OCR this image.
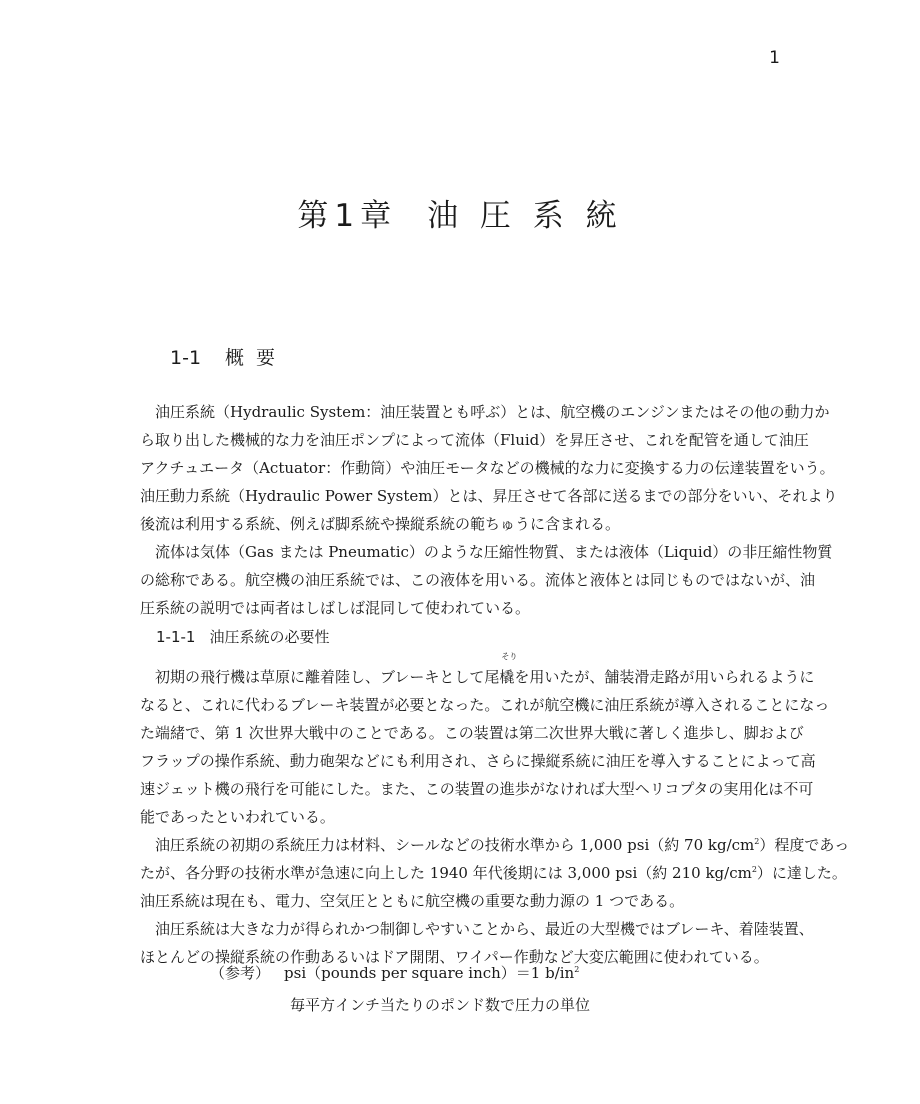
1
第1章 油 圧 系 統
1-1 概要
油圧系統（Hydraulic System：油圧装置とも呼ぶ）とは、航空機のエンジンまたはその他の動力か
ら取り出した機械的な力を油圧ポンプによって流体（Fluid）を昇圧させ、これを配管を通して油圧
アクチュエータ（Actuator：作動筒）や油圧モータなどの機械的な力に変換する力の伝達装置をいう。
油圧動力系統（Hydraulic Power System）とは、昇圧させて各部に送るまでの部分をいい、それより
後流は利用する系統、例えば脚系統や操縦系統の範ちゅうに含まれる。
流体は気体（Gas または Pneumatic）のような圧縮性物質、または液体（Liquid）の非圧縮性物質
の総称である。航空機の油圧系統では、この液体を用いる。流体と液体とは同じものではないが、油
圧系統の説明では両者はしばしば混同して使われている。
1-1-1 油圧系統の必要性
初期の飛行機は草原に離着陸し、ブレーキとして尾
そり
橇を用いたが、舗装滑走路が用いられるように
なると、これに代わるブレーキ装置が必要となった。これが航空機に油圧系統が導入されることになっ
た端緒で、第 1 次世界大戦中のことである。この装置は第二次世界大戦に著しく進歩し、脚および
フラップの操作系統、動力砲架などにも利用され、さらに操縦系統に油圧を導入することによって高
速ジェット機の飛行を可能にした。また、この装置の進歩がなければ大型ヘリコプタの実用化は不可
能であったといわれている。
油圧系統の初期の系統圧力は材料、シールなどの技術水準から 1,000 psi（約 70 $kg/cm^2$）程度であっ
たが、各分野の技術水準が急速に向上した 1940 年代後期には 3,000 psi（約 210 $kg/cm^2$）に達した。
油圧系統は現在も、電力、空気圧とともに航空機の重要な動力源の 1 つである。
油圧系統は大きな力が得られかつ制御しやすいことから、最近の大型機ではブレーキ、着陸装置、
ほとんどの操縦系統の作動あるいはドア開閉、ワイパー作動など大変広範囲に使われている。
（参考） psi（pounds per square inch）＝1 $b/in^2$
毎平方インチ当たりのポンド数で圧力の単位
